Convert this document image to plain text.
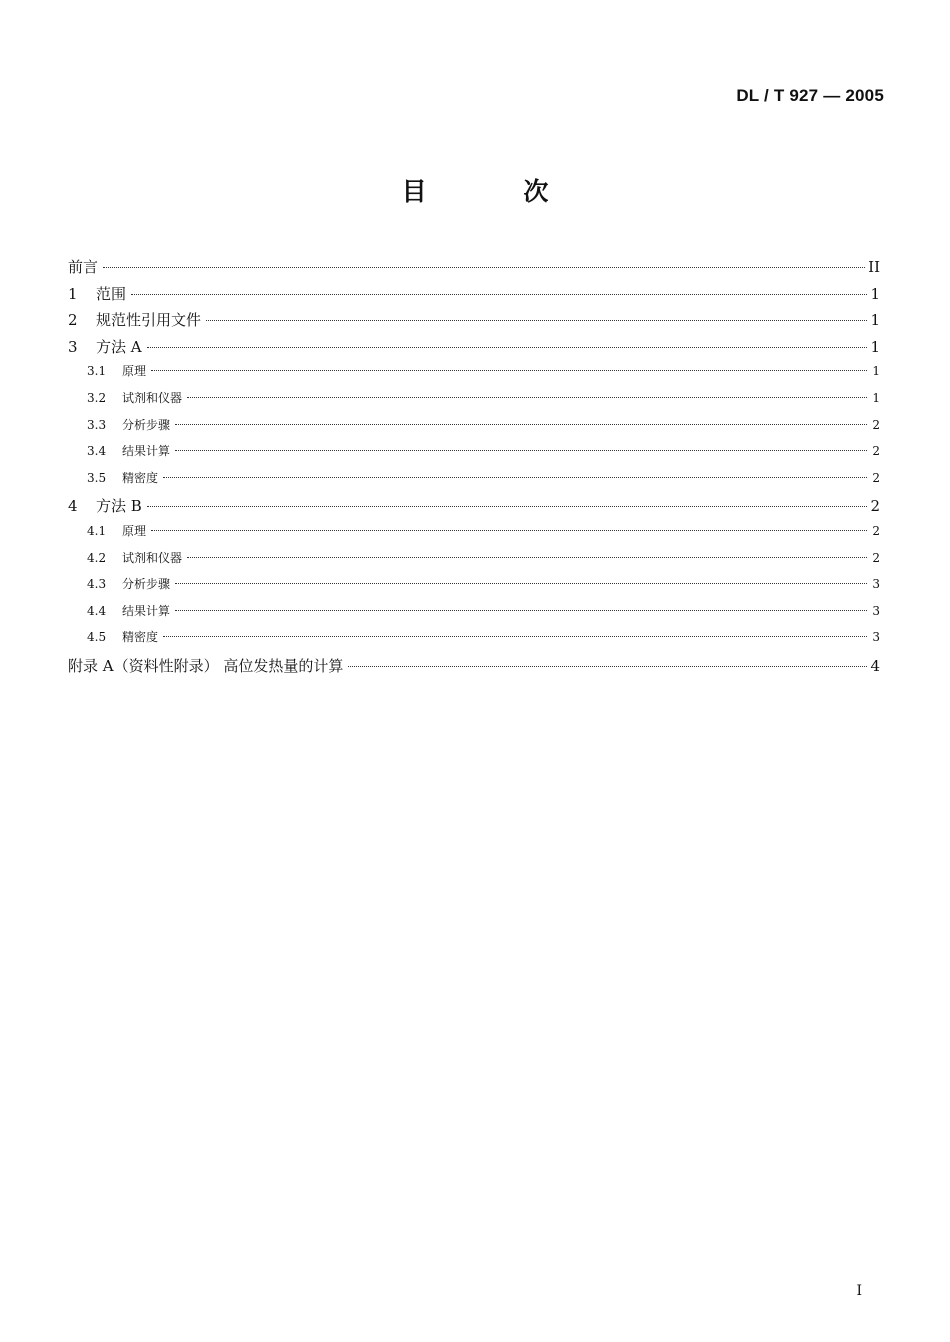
DL / T 927 — 2005
目 次
前言	II
1	范围	1
2	规范性引用文件	1
3	方法 A	1
3.1	原理	1
3.2	试剂和仪器	1
3.3	分析步骤	2
3.4	结果计算	2
3.5	精密度	2
4	方法 B	2
4.1	原理	2
4.2	试剂和仪器	2
4.3	分析步骤	3
4.4	结果计算	3
4.5	精密度	3
附录 A（资料性附录） 高位发热量的计算	4
I
